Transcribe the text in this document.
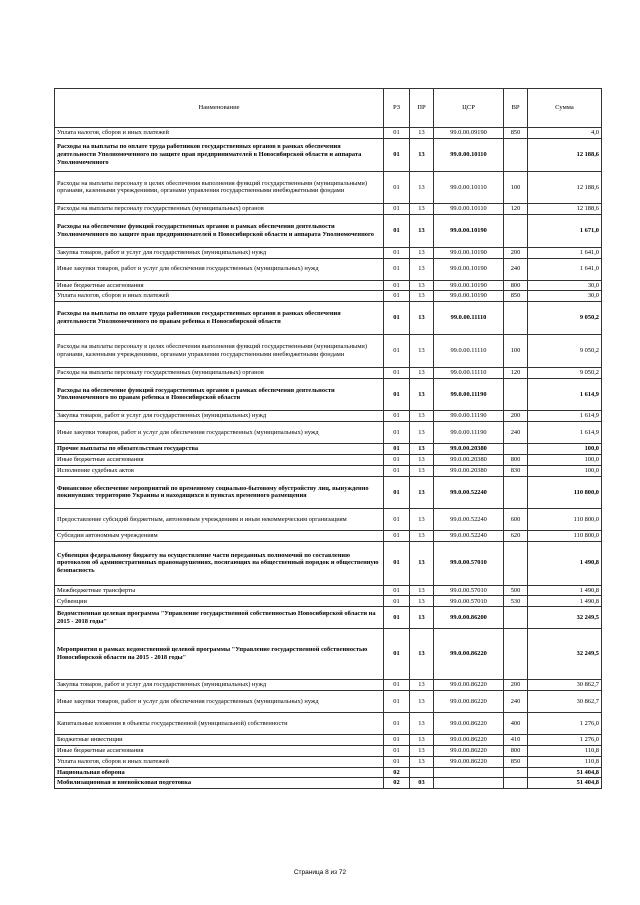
Наименование	РЗ	ПР	ЦСР	ВР	Сумма
Уплата налогов, сборов и иных платежей	01	13	99.0.00.09190	850	4,0
Расходы на выплаты по оплате труда работников государственных органов в рамках обеспечения деятельности Уполномоченного по защите прав предпринимателей в Новосибирской области и аппарата Уполномоченного	01	13	99.0.00.10110		12 188,6
Расходы на выплаты персоналу в целях обеспечения выполнения функций государственными (муниципальными) органами, казенными учреждениями, органами управления государственными внебюджетными фондами	01	13	99.0.00.10110	100	12 188,6
Расходы на выплаты персоналу государственных (муниципальных) органов	01	13	99.0.00.10110	120	12 188,6
Расходы на обеспечение функций государственных органов в рамках обеспечения деятельности Уполномоченного по защите прав предпринимателей в Новосибирской области и аппарата Уполномоченного	01	13	99.0.00.10190		1 671,0
Закупка товаров, работ и услуг для государственных (муниципальных) нужд	01	13	99.0.00.10190	200	1 641,0
Иные закупки товаров, работ и услуг для обеспечения государственных (муниципальных) нужд	01	13	99.0.00.10190	240	1 641,0
Иные бюджетные ассигнования	01	13	99.0.00.10190	800	30,0
Уплата налогов, сборов и иных платежей	01	13	99.0.00.10190	850	30,0
Расходы на выплаты по оплате труда работников государственных органов в рамках обеспечения деятельности Уполномоченного по правам ребенка в Новосибирской области	01	13	99.0.00.11110		9 050,2
Расходы на выплаты персоналу в целях обеспечения выполнения функций государственными (муниципальными) органами, казенными учреждениями, органами управления государственными внебюджетными фондами	01	13	99.0.00.11110	100	9 050,2
Расходы на выплаты персоналу государственных (муниципальных) органов	01	13	99.0.00.11110	120	9 050,2
Расходы на обеспечение функций государственных органов в рамках обеспечения деятельности Уполномоченного по правам ребенка в Новосибирской области	01	13	99.0.00.11190		1 614,9
Закупка товаров, работ и услуг для государственных (муниципальных) нужд	01	13	99.0.00.11190	200	1 614,9
Иные закупки товаров, работ и услуг для обеспечения государственных (муниципальных) нужд	01	13	99.0.00.11190	240	1 614,9
Прочие выплаты по обязательствам государства	01	13	99.0.00.20380		100,0
Иные бюджетные ассигнования	01	13	99.0.00.20380	800	100,0
Исполнение судебных актов	01	13	99.0.00.20380	830	100,0
Финансовое обеспечение мероприятий по временному социально-бытовому обустройству лиц, вынужденно покинувших территорию Украины и находящихся в пунктах временного размещения	01	13	99.0.00.52240		110 800,0
Предоставление субсидий бюджетным, автономным учреждениям и иным некоммерческим организациям	01	13	99.0.00.52240	600	110 800,0
Субсидии автономным учреждениям	01	13	99.0.00.52240	620	110 800,0
Субвенция федеральному бюджету на осуществление части переданных полномочий по составлению протоколов об административных правонарушениях, посягающих на общественный порядок и общественную безопасность	01	13	99.0.00.57010		1 490,8
Межбюджетные трансферты	01	13	99.0.00.57010	500	1 490,8
Субвенции	01	13	99.0.00.57010	530	1 490,8
Ведомственная целевая программа "Управление государственной собственностью Новосибирской области на 2015 - 2018 годы"	01	13	99.0.00.86200		32 249,5
Мероприятия в рамках ведомственной целевой программы "Управление государственной собственностью Новосибирской области на 2015 - 2018 годы"	01	13	99.0.00.86220		32 249,5
Закупка товаров, работ и услуг для государственных (муниципальных) нужд	01	13	99.0.00.86220	200	30 862,7
Иные закупки товаров, работ и услуг для обеспечения государственных (муниципальных) нужд	01	13	99.0.00.86220	240	30 862,7
Капитальные вложения в объекты государственной (муниципальной) собственности	01	13	99.0.00.86220	400	1 276,0
Бюджетные инвестиции	01	13	99.0.00.86220	410	1 276,0
Иные бюджетные ассигнования	01	13	99.0.00.86220	800	110,8
Уплата налогов, сборов и иных платежей	01	13	99.0.00.86220	850	110,8
Национальная оборона	02				51 404,8
Мобилизационная и вневойсковая подготовка	02	03			51 404,8
Страница 8 из 72
